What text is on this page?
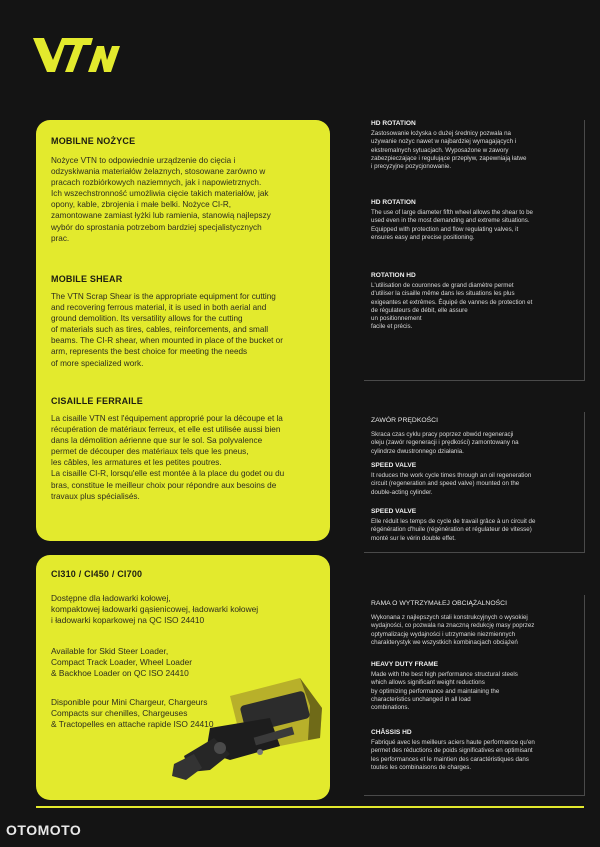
MOBILNE NOŻYCE

Nożyce VTN to odpowiednie urządzenie do cięcia i
odzyskiwania materiałów żelaznych, stosowane zarówno w
pracach rozbiórkowych naziemnych, jak i napowietrznych.
Ich wszechstronność umożliwia cięcie takich materiałów, jak
opony, kable, zbrojenia i małe belki. Nożyce CI-R,
zamontowane zamiast łyżki lub ramienia, stanowią najlepszy
wybór do sprostania potrzebom bardziej specjalistycznych
prac.

MOBILE SHEAR

The VTN Scrap Shear is the appropriate equipment for cutting
and recovering ferrous material, it is used in both aerial and
ground demolition. Its versatility allows for the cutting
of materials such as tires, cables, reinforcements, and small
beams. The CI-R shear, when mounted in place of the bucket or
arm, represents the best choice for meeting the needs
of more specialized work.

CISAILLE FERRAILE

La cisaille VTN est l'équipement approprié pour la découpe et la
récupération de matériaux ferreux, et elle est utilisée aussi bien
dans la démolition aérienne que sur le sol. Sa polyvalence
permet de découper des matériaux tels que les pneus,
les câbles, les armatures et les petites poutres.
La cisaille CI-R, lorsqu'elle est montée à la place du godet ou du
bras, constitue le meilleur choix pour répondre aux besoins de
travaux plus spécialisés.

CI310 / CI450 / CI700

Dostępne dla ładowarki kołowej,
kompaktowej ładowarki gąsienicowej, ładowarki kołowej
i ładowarki koparkowej na QC ISO 24410

Available for Skid Steer Loader,
Compact Track Loader, Wheel Loader
& Backhoe Loader on QC ISO 24410

Disponible pour Mini Chargeur, Chargeurs
Compacts sur chenilles, Chargeuses
& Tractopelles en attache rapide ISO 24410

HD ROTATION

Zastosowanie łożyska o dużej średnicy pozwala na
używanie nożyc nawet w najbardziej wymagających i
ekstremalnych sytuacjach. Wyposażone w zawory
zabezpieczające i regulujące przepływ, zapewniają łatwe
i precyzyjne pozycjonowanie.

HD ROTATION

The use of large diameter fifth wheel allows the shear to be
used even in the most demanding and extreme situations.
Equipped with protection and flow regulating valves, it
ensures easy and precise positioning.

ROTATION HD

L'utilisation de couronnes de grand diamètre permet
d'utiliser la cisaille même dans les situations les plus
exigeantes et extrêmes. Équipé de vannes de protection et
de régulateurs de débit, elle assure
un positionnement
facile et précis.

ZAWÓR PRĘDKOŚCI

Skraca czas cyklu pracy poprzez obwód regeneracji
oleju (zawór regeneracji i prędkości) zamontowany na
cylindrze dwustronnego działania.

SPEED VALVE

It reduces the work cycle times through an oil regeneration
circuit (regeneration and speed valve) mounted on the
double-acting cylinder.

SPEED VALVE

Elle réduit les temps de cycle de travail grâce à un circuit de
régénération d'huile (régénération et régulateur de vitesse)
monté sur le vérin double effet.

RAMA O WYTRZYMAŁEJ OBCIĄŻALNOŚCI

Wykonana z najlepszych stali konstrukcyjnych o wysokiej
wydajności, co pozwala na znaczną redukcję masy poprzez
optymalizację wydajności i utrzymanie niezmiennych
charakterystyk we wszystkich kombinacjach obciążeń

HEAVY DUTY FRAME

Made with the best high performance structural steels
which allows significant weight reductions
by optimizing performance and maintaining the
characteristics unchanged in all load
combinations.

CHÂSSIS HD

Fabriqué avec les meilleurs aciers haute performance qu'en
permet des réductions de poids significatives en optimisant
les performances et le maintien des caractéristiques dans
toutes les combinaisons de charges.

OTOMOTO
